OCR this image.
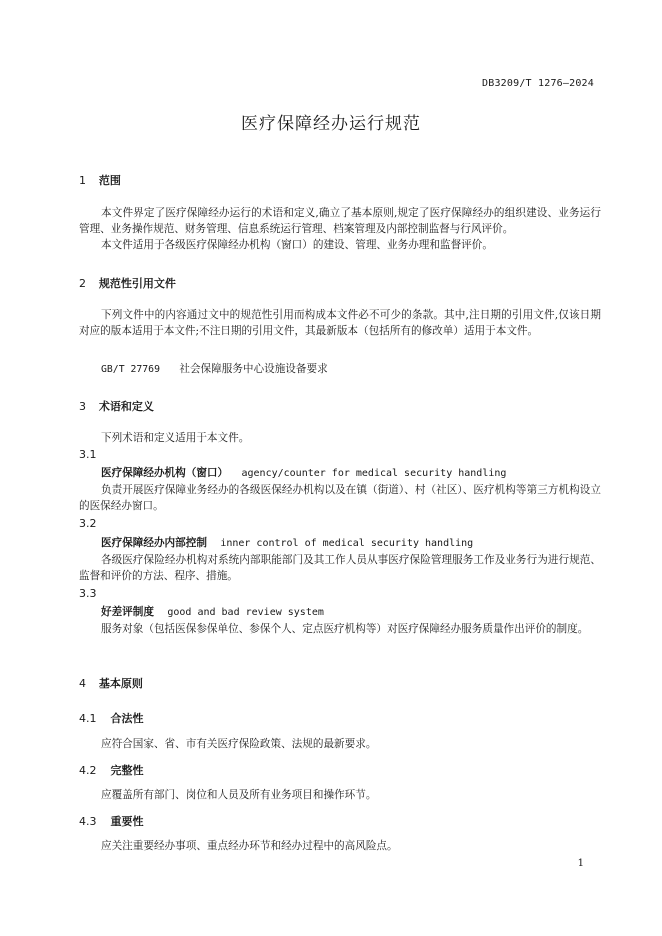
DB3209/T 1276—2024
医疗保障经办运行规范
1 范围

本文件界定了医疗保障经办运行的术语和定义,确立了基本原则,规定了医疗保障经办的组织建设、业务运行管理、业务操作规范、财务管理、信息系统运行管理、档案管理及内部控制监督与行风评价。

本文件适用于各级医疗保障经办机构（窗口）的建设、管理、业务办理和监督评价。

2 规范性引用文件

下列文件中的内容通过文中的规范性引用而构成本文件必不可少的条款。其中,注日期的引用文件,仅该日期对应的版本适用于本文件;不注日期的引用文件，其最新版本（包括所有的修改单）适用于本文件。

GB/T 27769 社会保障服务中心设施设备要求
3 术语和定义

下列术语和定义适用于本文件。

3.1
医疗保障经办机构（窗口） agency/counter for medical security handling

负责开展医疗保障业务经办的各级医保经办机构以及在镇（街道）、村（社区）、医疗机构等第三方机构设立的医保经办窗口。

3.2
医疗保障经办内部控制 inner control of medical security handling

各级医疗保险经办机构对系统内部职能部门及其工作人员从事医疗保险管理服务工作及业务行为进行规范、监督和评价的方法、程序、措施。

3.3
好差评制度 good and bad review system

服务对象（包括医保参保单位、参保个人、定点医疗机构等）对医疗保障经办服务质量作出评价的制度。

4 基本原则
4.1 合法性

应符合国家、省、市有关医疗保险政策、法规的最新要求。

4.2 完整性

应覆盖所有部门、岗位和人员及所有业务项目和操作环节。

4.3 重要性

应关注重要经办事项、重点经办环节和经办过程中的高风险点。

1
